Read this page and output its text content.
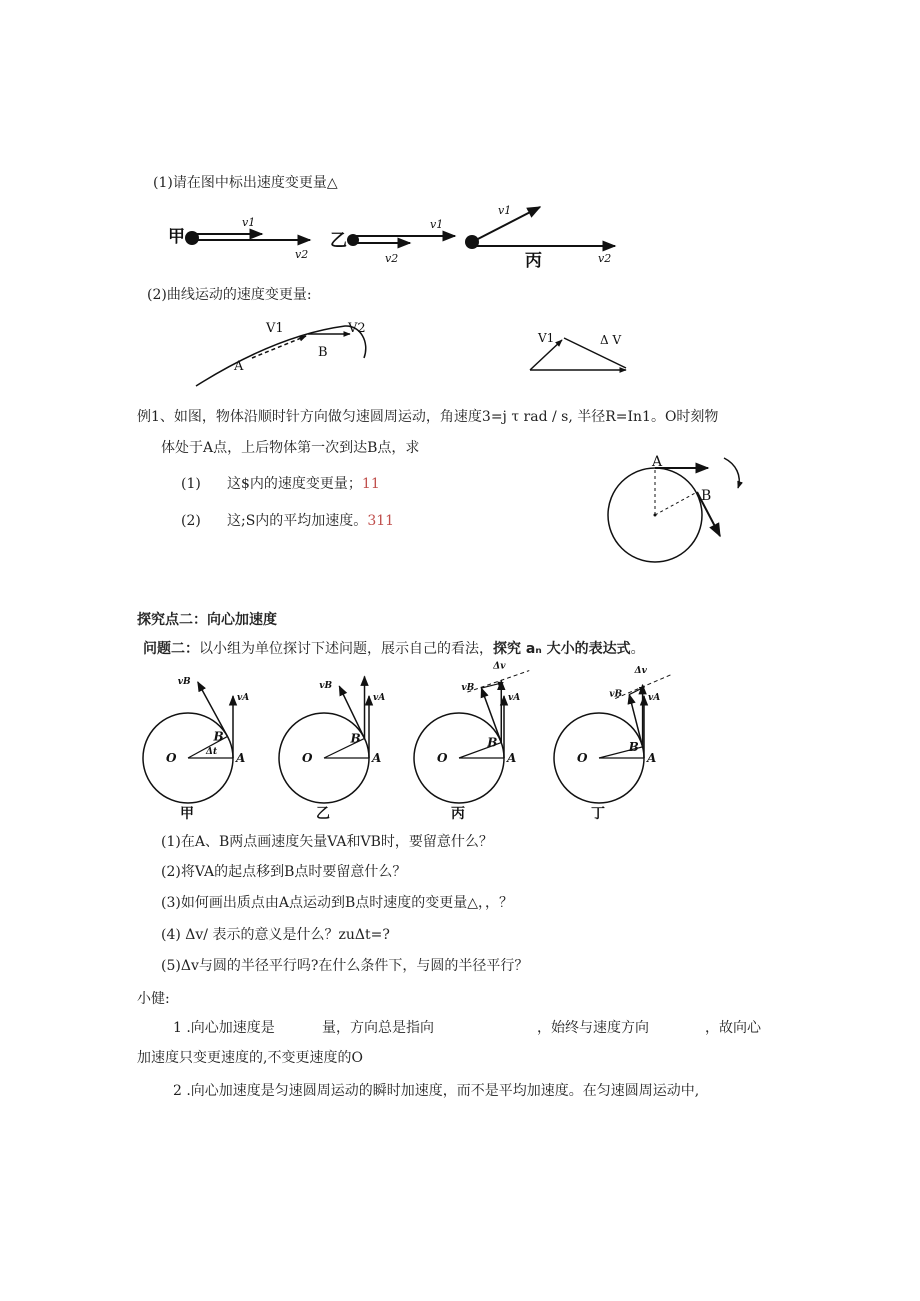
(1)请在图中标出速度变更量△
甲
v1
v2
乙
v1
v2
v1
丙	v2
(2)曲线运动的速度变更量:
V1	V2
A
B
V1	Δ V
例1、如图，物体沿顺时针方向做匀速圆周运动，角速度3=j τ rad / s, 半径R=In1。O时刻物
体处于A点，上后物体第一次到达B点，求
(1) 这$内的速度变更量；11
(2) 这;S内的平均加速度。311
A
B
探究点二：向心加速度
问题二：以小组为单位探讨下述问题，展示自己的看法，探究 aₙ 大小的表达式。
O	A
B
vA
vB
Δt
甲
O	A
B
vA
vB
乙
Δv
O	A
B
vA
vB
丙
Δv
O	A
B
vA
vB
丁
(1)在A、B两点画速度矢量VA和VB时，要留意什么？
(2)将VA的起点移到B点时要留意什么？
(3)如何画出质点由A点运动到B点时速度的变更量△，，？
(4) Δv/ 表示的意义是什么？zuΔt=?
(5)Δv与圆的半径平行吗?在什么条件下，与圆的半径平行？
小健:
1 .向心加速度是	量，方向总是指向	，始终与速度方向	，故向心
加速度只变更速度的,不变更速度的O
2 .向心加速度是匀速圆周运动的瞬时加速度，而不是平均加速度。在匀速圆周运动中,
